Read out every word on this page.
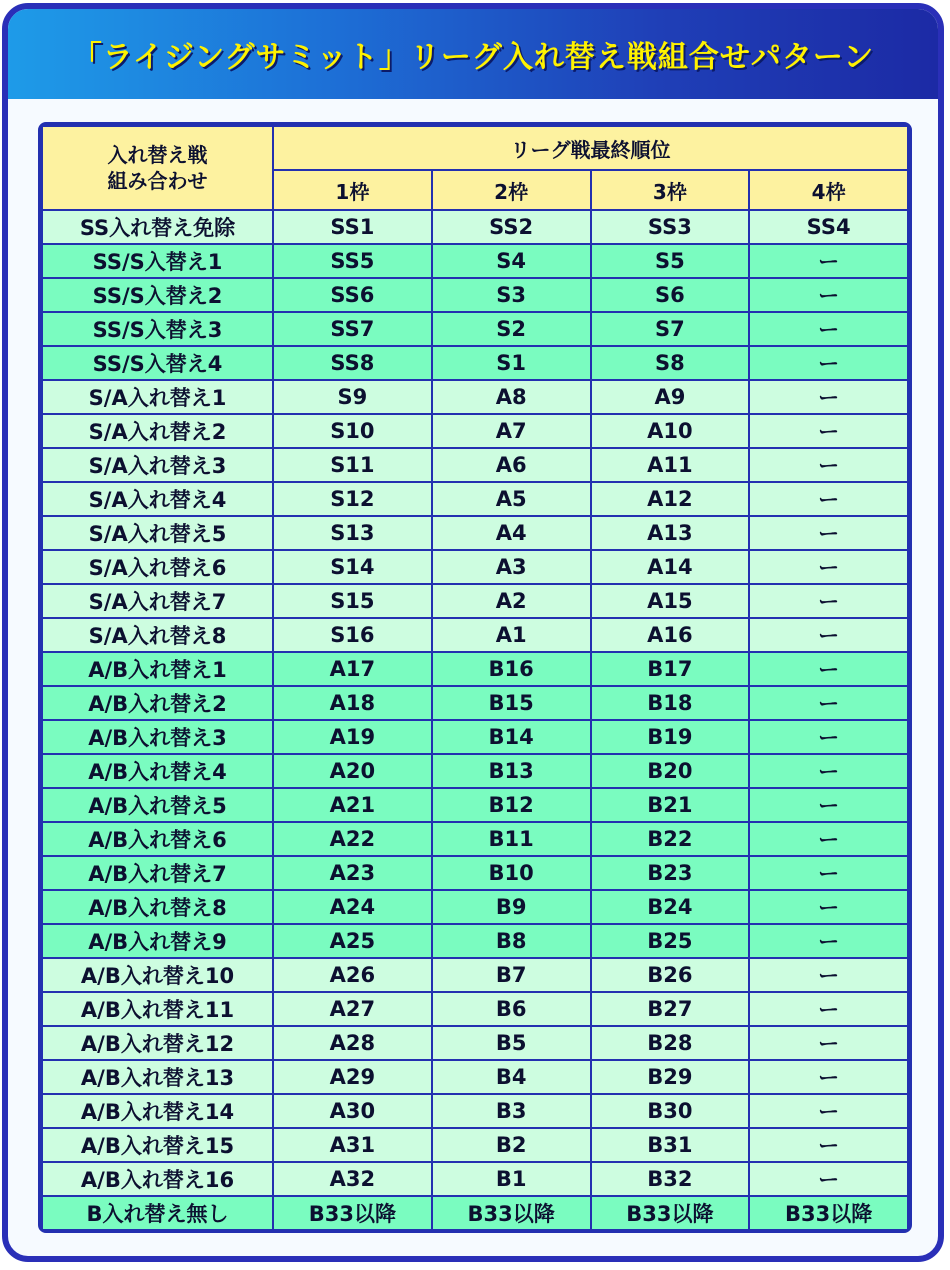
「ライジングサミット」リーグ入れ替え戦組合せパターン
入れ替え戦
組み合わせ	リーグ戦最終順位			
	1枠	2枠	3枠	4枠
SS入れ替え免除	SS1	SS2	SS3	SS4
SS/S入替え1	SS5	S4	S5	ー
SS/S入替え2	SS6	S3	S6	ー
SS/S入替え3	SS7	S2	S7	ー
SS/S入替え4	SS8	S1	S8	ー
S/A入れ替え1	S9	A8	A9	ー
S/A入れ替え2	S10	A7	A10	ー
S/A入れ替え3	S11	A6	A11	ー
S/A入れ替え4	S12	A5	A12	ー
S/A入れ替え5	S13	A4	A13	ー
S/A入れ替え6	S14	A3	A14	ー
S/A入れ替え7	S15	A2	A15	ー
S/A入れ替え8	S16	A1	A16	ー
A/B入れ替え1	A17	B16	B17	ー
A/B入れ替え2	A18	B15	B18	ー
A/B入れ替え3	A19	B14	B19	ー
A/B入れ替え4	A20	B13	B20	ー
A/B入れ替え5	A21	B12	B21	ー
A/B入れ替え6	A22	B11	B22	ー
A/B入れ替え7	A23	B10	B23	ー
A/B入れ替え8	A24	B9	B24	ー
A/B入れ替え9	A25	B8	B25	ー
A/B入れ替え10	A26	B7	B26	ー
A/B入れ替え11	A27	B6	B27	ー
A/B入れ替え12	A28	B5	B28	ー
A/B入れ替え13	A29	B4	B29	ー
A/B入れ替え14	A30	B3	B30	ー
A/B入れ替え15	A31	B2	B31	ー
A/B入れ替え16	A32	B1	B32	ー
B入れ替え無し	B33以降	B33以降	B33以降	B33以降
